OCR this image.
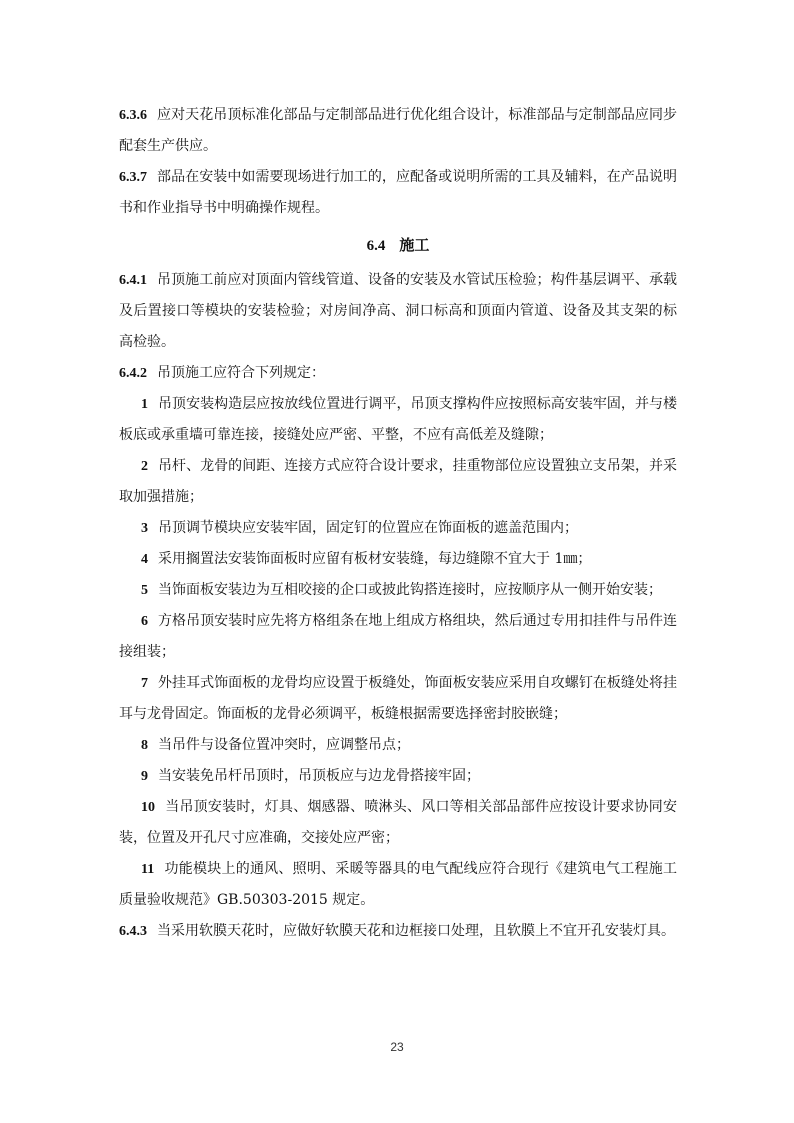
6.3.6 应对天花吊顶标准化部品与定制部品进行优化组合设计，标准部品与定制部品应同步配套生产供应。

6.3.7 部品在安装中如需要现场进行加工的，应配备或说明所需的工具及辅料，在产品说明书和作业指导书中明确操作规程。

6.4 施工

6.4.1 吊顶施工前应对顶面内管线管道、设备的安装及水管试压检验；构件基层调平、承载及后置接口等模块的安装检验；对房间净高、洞口标高和顶面内管道、设备及其支架的标高检验。

6.4.2 吊顶施工应符合下列规定：

1 吊顶安装构造层应按放线位置进行调平，吊顶支撑构件应按照标高安装牢固，并与楼板底或承重墙可靠连接，接缝处应严密、平整，不应有高低差及缝隙；

2 吊杆、龙骨的间距、连接方式应符合设计要求，挂重物部位应设置独立支吊架，并采取加强措施；

3 吊顶调节模块应安装牢固，固定钉的位置应在饰面板的遮盖范围内；

4 采用搁置法安装饰面板时应留有板材安装缝，每边缝隙不宜大于 1㎜；

5 当饰面板安装边为互相咬接的企口或披此钩搭连接时，应按顺序从一侧开始安装；

6 方格吊顶安装时应先将方格组条在地上组成方格组块，然后通过专用扣挂件与吊件连接组装；

7 外挂耳式饰面板的龙骨均应设置于板缝处，饰面板安装应采用自攻螺钉在板缝处将挂耳与龙骨固定。饰面板的龙骨必须调平，板缝根据需要选择密封胶嵌缝；

8 当吊件与设备位置冲突时，应调整吊点；

9 当安装免吊杆吊顶时，吊顶板应与边龙骨搭接牢固；

10 当吊顶安装时，灯具、烟感器、喷淋头、风口等相关部品部件应按设计要求协同安装，位置及开孔尺寸应准确，交接处应严密；

11 功能模块上的通风、照明、采暖等器具的电气配线应符合现行《建筑电气工程施工质量验收规范》GB.50303-2015 规定。

6.4.3 当采用软膜天花时，应做好软膜天花和边框接口处理，且软膜上不宜开孔安装灯具。

23
